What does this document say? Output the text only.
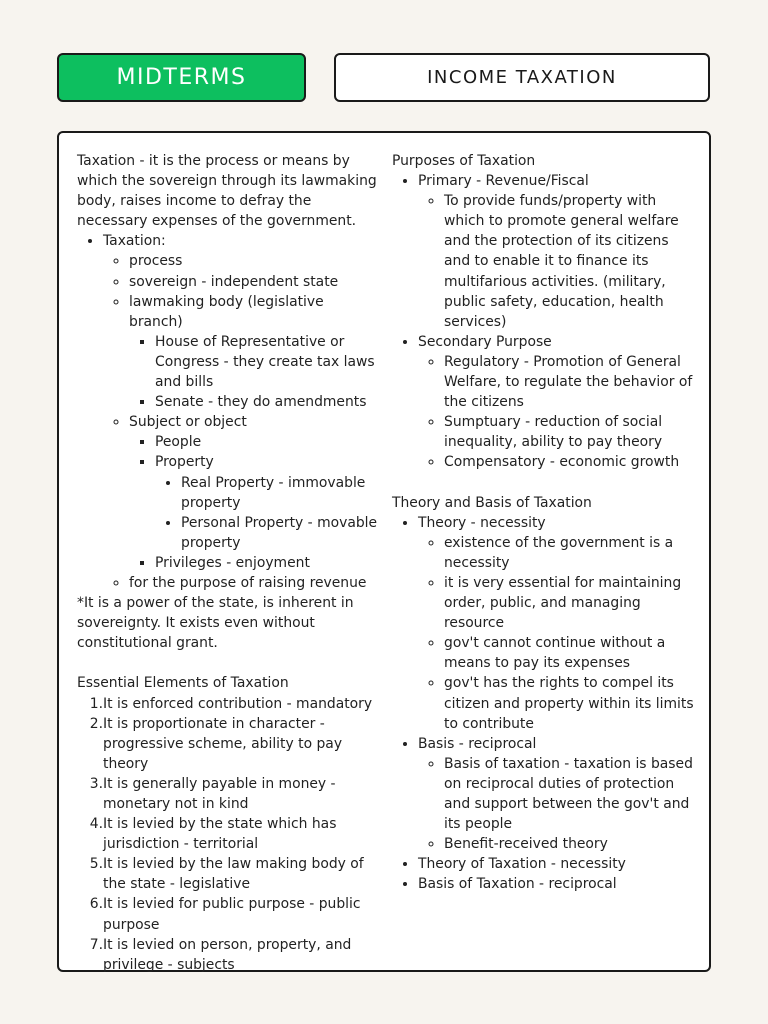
MIDTERMS	INCOME TAXATION

Taxation - it is the process or means by which the sovereign through its lawmaking body, raises income to defray the necessary expenses of the government.

• Taxation:
◦ process
◦ sovereign - independent state
◦ lawmaking body (legislative branch)
▪ House of Representative or Congress - they create tax laws and bills
▪ Senate - they do amendments
◦ Subject or object
▪ People
▪ Property
• Real Property - immovable property
• Personal Property - movable property
▪ Privileges - enjoyment
◦ for the purpose of raising revenue

*It is a power of the state, is inherent in sovereignty. It exists even without constitutional grant.

Essential Elements of Taxation

1. It is enforced contribution - mandatory
2. It is proportionate in character - progressive scheme, ability to pay theory
3. It is generally payable in money - monetary not in kind
4. It is levied by the state which has jurisdiction - territorial
5. It is levied by the law making body of the state - legislative
6. It is levied for public purpose - public purpose
7. It is levied on person, property, and privilege - subjects

Purposes of Taxation

• Primary - Revenue/Fiscal
◦ To provide funds/property with which to promote general welfare and the protection of its citizens and to enable it to finance its multifarious activities. (military, public safety, education, health services)
• Secondary Purpose
◦ Regulatory - Promotion of General Welfare, to regulate the behavior of the citizens
◦ Sumptuary - reduction of social inequality, ability to pay theory
◦ Compensatory - economic growth

Theory and Basis of Taxation

• Theory - necessity
◦ existence of the government is a necessity
◦ it is very essential for maintaining order, public, and managing resource
◦ gov't cannot continue without a means to pay its expenses
◦ gov't has the rights to compel its citizen and property within its limits to contribute
• Basis - reciprocal
◦ Basis of taxation - taxation is based on reciprocal duties of protection and support between the gov't and its people
◦ Benefit-received theory
• Theory of Taxation - necessity
• Basis of Taxation - reciprocal
